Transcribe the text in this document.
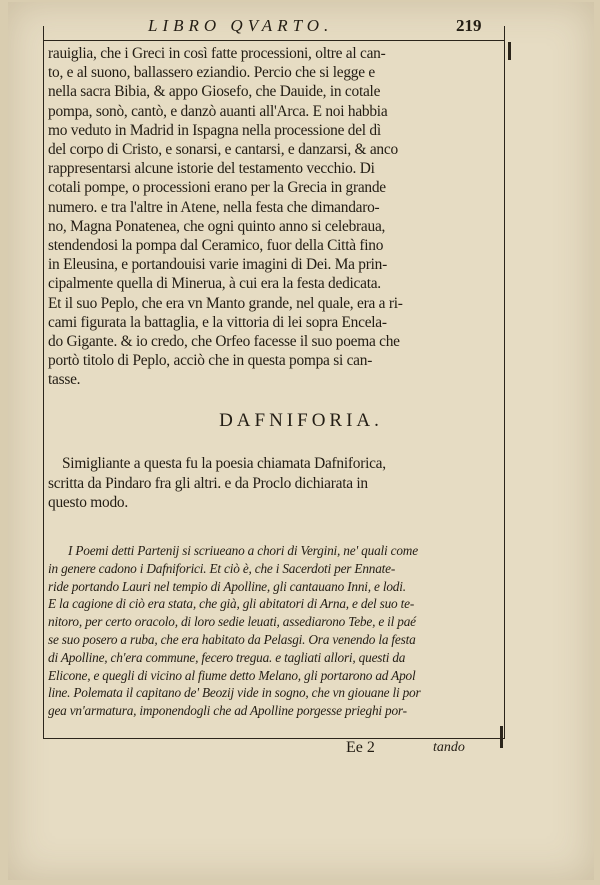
LIBRO QVARTO.	219
rauiglia, che i Greci in così fatte processioni, oltre al can-
to, e al suono, ballassero eziandio. Percio che si legge e
nella sacra Bibia, & appo Giosefo, che Dauide, in cotale
pompa, sonò, cantò, e danzò auanti all'Arca. E noi habbia
mo veduto in Madrid in Ispagna nella processione del dì
del corpo di Cristo, e sonarsi, e cantarsi, e danzarsi, & anco
rappresentarsi alcune istorie del testamento vecchio. Di
cotali pompe, o processioni erano per la Grecia in grande
numero. e tra l'altre in Atene, nella festa che dimandaro-
no, Magna Ponatenea, che ogni quinto anno si celebraua,
stendendosi la pompa dal Ceramico, fuor della Città fino
in Eleusina, e portandouisi varie imagini di Dei. Ma prin-
cipalmente quella di Minerua, à cui era la festa dedicata.
Et il suo Peplo, che era vn Manto grande, nel quale, era a ri-
cami figurata la battaglia, e la vittoria di lei sopra Encela-
do Gigante. & io credo, che Orfeo facesse il suo poema che
portò titolo di Peplo, acciò che in questa pompa si can-
tasse.
DAFNIFORIA.
Simigliante a questa fu la poesia chiamata Dafniforica,
scritta da Pindaro fra gli altri. e da Proclo dichiarata in
questo modo.
I Poemi detti Partenij si scriueano a chori di Vergini, ne' quali come
in genere cadono i Dafniforici. Et ciò è, che i Sacerdoti per Ennate-
ride portando Lauri nel tempio di Apolline, gli cantauano Inni, e lodi.
E la cagione di ciò era stata, che già, gli abitatori di Arna, e del suo te-
nitoro, per certo oracolo, di loro sedie leuati, assediarono Tebe, e il paé
se suo posero a ruba, che era habitato da Pelasgi. Ora venendo la festa
di Apolline, ch'era commune, fecero tregua. e tagliati allori, questi da
Elicone, e quegli di vicino al fiume detto Melano, gli portarono ad Apol
line. Polemata il capitano de' Beozij vide in sogno, che vn giouane li por
gea vn'armatura, imponendogli che ad Apolline porgesse prieghi por-
Ee 2	tando
